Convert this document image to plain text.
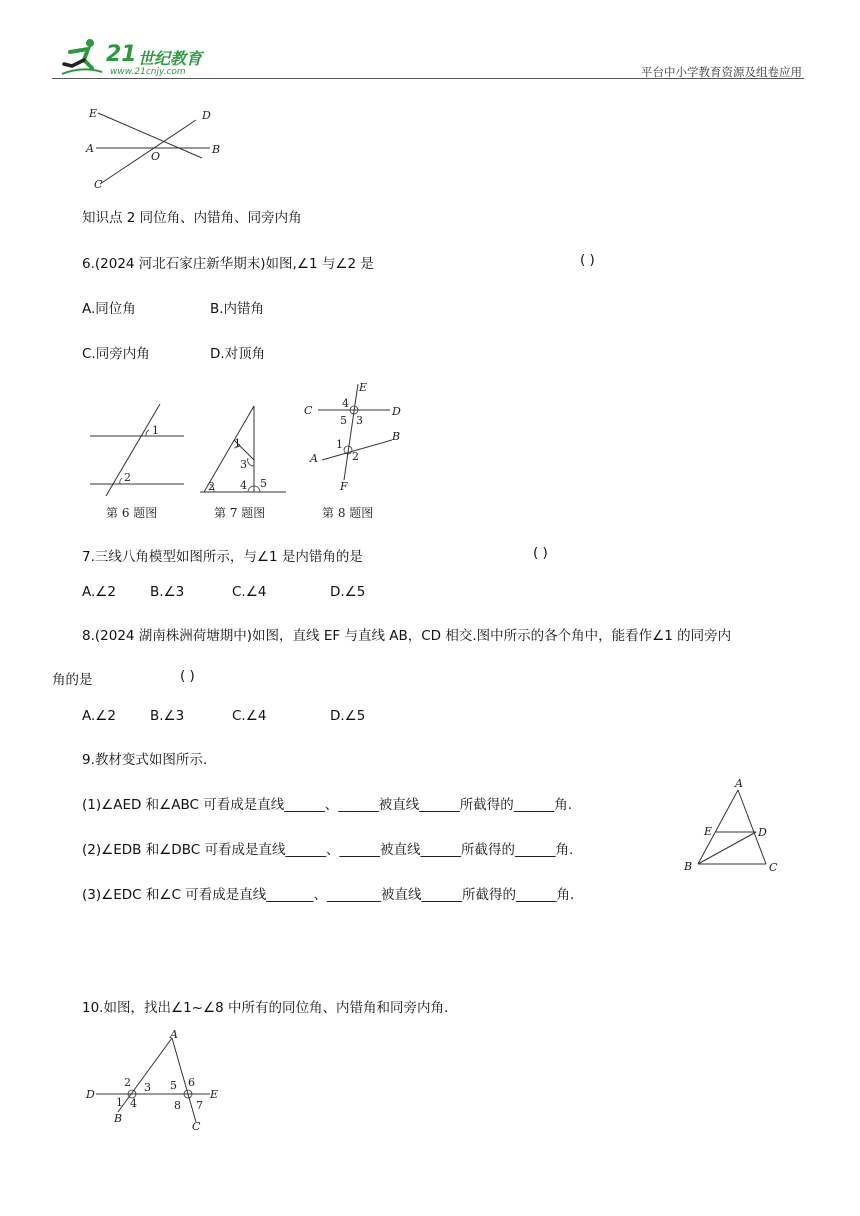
21 世纪教育
www.21cnjy.com	平台中小学教育资源及组卷应用
E	D
A
O
B
C
知识点 2 同位角、内错角、同旁内角
6.(2024 河北石家庄新华期末)如图,∠1 与∠2 是	( )
A.同位角	B.内错角
C.同旁内角	D.对顶角
1
2
第 6 题图
1
2
3
4 5
第 7 题图
E
C	D
A
B
F
4
5 3
1
2
第 8 题图
7.三线八角模型如图所示，与∠1 是内错角的是	( )
A.∠2	B.∠3	C.∠4	D.∠5
8.(2024 湖南株洲荷塘期中)如图，直线 EF 与直线 AB，CD 相交.图中所示的各个角中，能看作∠1 的同旁内
角的是	( )
A.∠2	B.∠3	C.∠4	D.∠5
9.教材变式如图所示.
(1)∠AED 和∠ABC 可看成是直线______、______被直线______所截得的______角.
(2)∠EDB 和∠DBC 可看成是直线______、______被直线______所截得的______角.
(3)∠EDC 和∠C 可看成是直线_______、________被直线______所截得的______角.
A
E	D
B	C
10.如图，找出∠1~∠8 中所有的同位角、内错角和同旁内角.
A
D	E
B
C
2 3
1 4
5 6
8 7
